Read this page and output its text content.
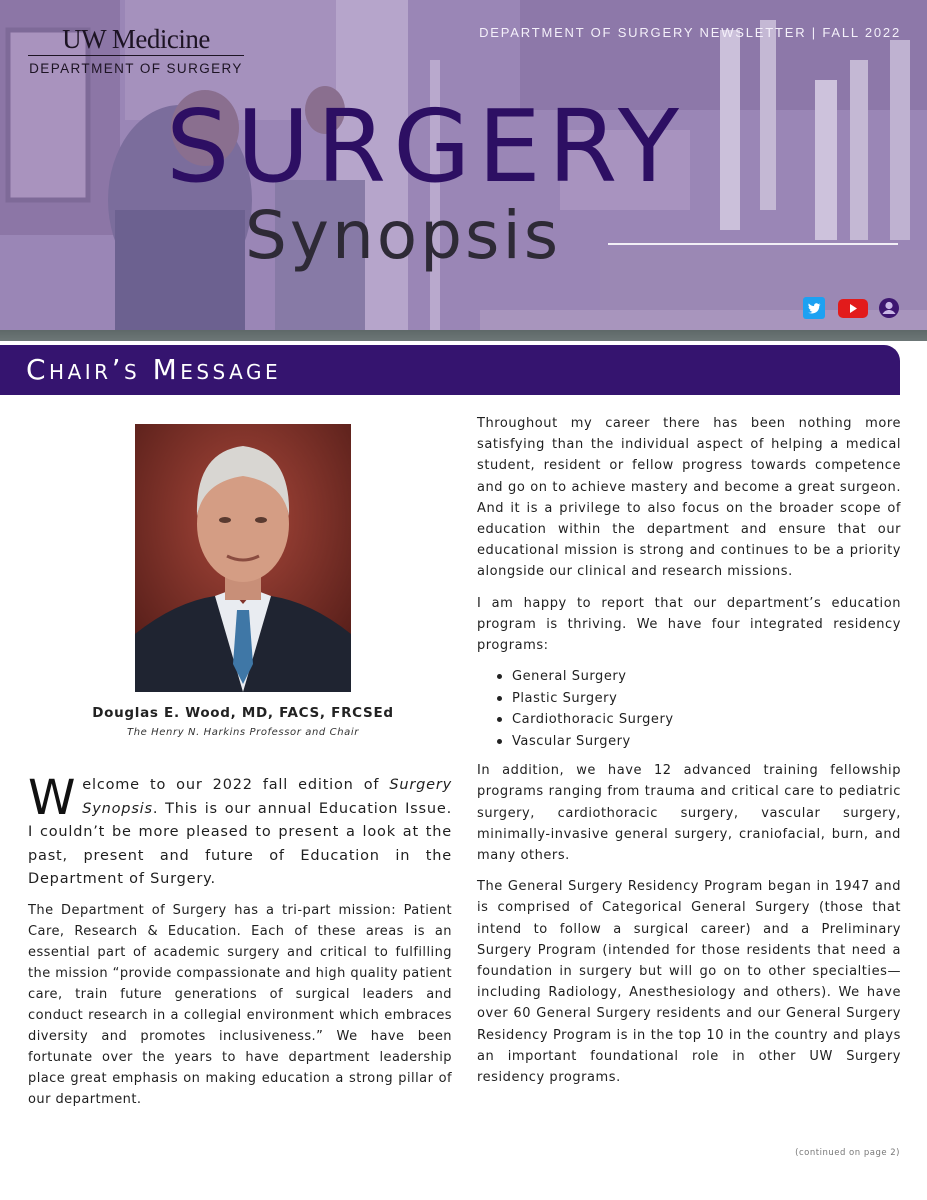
UW Medicine
DEPARTMENT OF SURGERY
DEPARTMENT OF SURGERY NEWSLETTER | FALL 2022
SURGERY
Synopsis
Chair’s Message
Douglas E. Wood, MD, FACS, FRCSEd
The Henry N. Harkins Professor and Chair

Welcome to our 2022 fall edition of Surgery Synopsis. This is our annual Education Issue. I couldn’t be more pleased to present a look at the past, present and future of Education in the Department of Surgery.

The Department of Surgery has a tri-part mission: Patient Care, Research & Education. Each of these areas is an essential part of academic surgery and critical to fulfilling the mission “provide compassionate and high quality patient care, train future generations of surgical leaders and conduct research in a collegial environment which embraces diversity and promotes inclusiveness.” We have been fortunate over the years to have department leadership place great emphasis on making education a strong pillar of our department.

Throughout my career there has been nothing more satisfying than the individual aspect of helping a medical student, resident or fellow progress towards competence and go on to achieve mastery and become a great surgeon. And it is a privilege to also focus on the broader scope of education within the department and ensure that our educational mission is strong and continues to be a priority alongside our clinical and research missions.

I am happy to report that our department’s education program is thriving. We have four integrated residency programs:

General Surgery
Plastic Surgery
Cardiothoracic Surgery
Vascular Surgery

In addition, we have 12 advanced training fellowship programs ranging from trauma and critical care to pediatric surgery, cardiothoracic surgery, vascular surgery, minimally-invasive general surgery, craniofacial, burn, and many others.

The General Surgery Residency Program began in 1947 and is comprised of Categorical General Surgery (those that intend to follow a surgical career) and a Preliminary Surgery Program (intended for those residents that need a foundation in surgery but will go on to other specialties—including Radiology, Anesthesiology and others). We have over 60 General Surgery residents and our General Surgery Residency Program is in the top 10 in the country and plays an important foundational role in other UW Surgery residency programs.

(continued on page 2)
